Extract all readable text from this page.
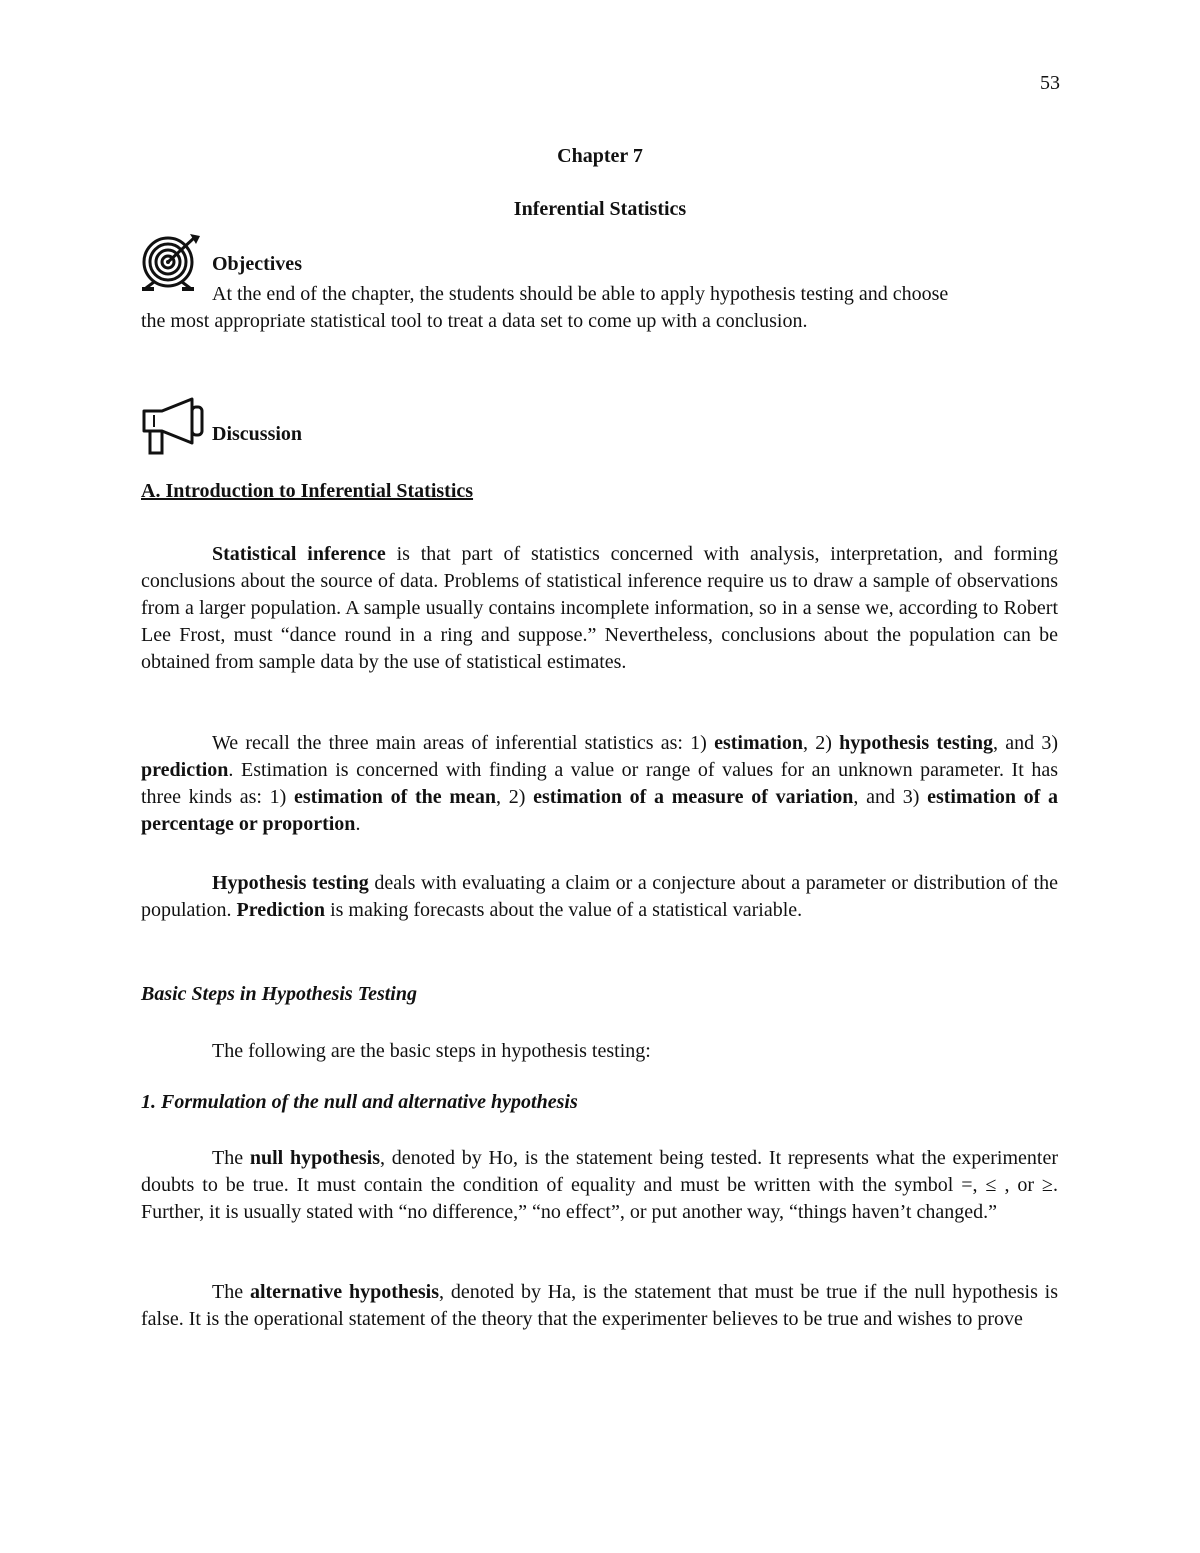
53
Chapter 7
Inferential Statistics
Objectives
At the end of the chapter, the students should be able to apply hypothesis testing and choose
the most appropriate statistical tool to treat a data set to come up with a conclusion.
Discussion
A. Introduction to Inferential Statistics
Statistical inference is that part of statistics concerned with analysis, interpretation, and forming conclusions about the source of data. Problems of statistical inference require us to draw a sample of observations from a larger population. A sample usually contains incomplete information, so in a sense we, according to Robert Lee Frost, must “dance round in a ring and suppose.” Nevertheless, conclusions about the population can be obtained from sample data by the use of statistical estimates.
We recall the three main areas of inferential statistics as: 1) estimation, 2) hypothesis testing, and 3) prediction. Estimation is concerned with finding a value or range of values for an unknown parameter. It has three kinds as: 1) estimation of the mean, 2) estimation of a measure of variation, and 3) estimation of a percentage or proportion.
Hypothesis testing deals with evaluating a claim or a conjecture about a parameter or distribution of the population. Prediction is making forecasts about the value of a statistical variable.
Basic Steps in Hypothesis Testing
The following are the basic steps in hypothesis testing:
1. Formulation of the null and alternative hypothesis
The null hypothesis, denoted by Ho, is the statement being tested. It represents what the experimenter doubts to be true. It must contain the condition of equality and must be written with the symbol =, ≤ , or ≥. Further, it is usually stated with “no difference,” “no effect”, or put another way, “things haven’t changed.”
The alternative hypothesis, denoted by Ha, is the statement that must be true if the null hypothesis is false. It is the operational statement of the theory that the experimenter believes to be true and wishes to prove
